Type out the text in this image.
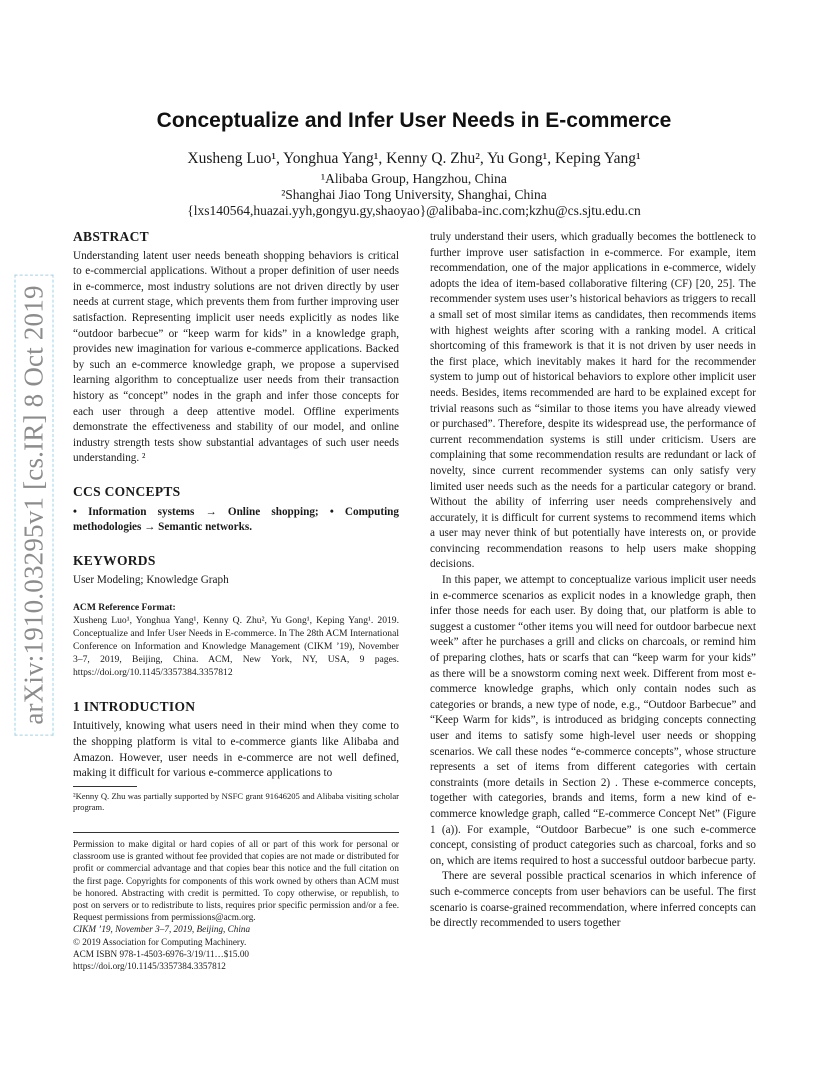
arXiv:1910.03295v1 [cs.IR] 8 Oct 2019
Conceptualize and Infer User Needs in E-commerce
Xusheng Luo¹, Yonghua Yang¹, Kenny Q. Zhu², Yu Gong¹, Keping Yang¹
¹Alibaba Group, Hangzhou, China
²Shanghai Jiao Tong University, Shanghai, China
{lxs140564,huazai.yyh,gongyu.gy,shaoyao}@alibaba-inc.com;kzhu@cs.sjtu.edu.cn
ABSTRACT

Understanding latent user needs beneath shopping behaviors is critical to e-commercial applications. Without a proper definition of user needs in e-commerce, most industry solutions are not driven directly by user needs at current stage, which prevents them from further improving user satisfaction. Representing implicit user needs explicitly as nodes like “outdoor barbecue” or “keep warm for kids” in a knowledge graph, provides new imagination for various e-commerce applications. Backed by such an e-commerce knowledge graph, we propose a supervised learning algorithm to conceptualize user needs from their transaction history as “concept” nodes in the graph and infer those concepts for each user through a deep attentive model. Offline experiments demonstrate the effectiveness and stability of our model, and online industry strength tests show substantial advantages of such user needs understanding. ²

CCS CONCEPTS

• Information systems → Online shopping; • Computing methodologies → Semantic networks.

KEYWORDS

User Modeling; Knowledge Graph

ACM Reference Format:

Xusheng Luo¹, Yonghua Yang¹, Kenny Q. Zhu², Yu Gong¹, Keping Yang¹. 2019. Conceptualize and Infer User Needs in E-commerce. In The 28th ACM International Conference on Information and Knowledge Management (CIKM ’19), November 3–7, 2019, Beijing, China. ACM, New York, NY, USA, 9 pages. https://doi.org/10.1145/3357384.3357812

1 INTRODUCTION

Intuitively, knowing what users need in their mind when they come to the shopping platform is vital to e-commerce giants like Alibaba and Amazon. However, user needs in e-commerce are not well defined, making it difficult for various e-commerce applications to

²Kenny Q. Zhu was partially supported by NSFC grant 91646205 and Alibaba visiting scholar program.

Permission to make digital or hard copies of all or part of this work for personal or classroom use is granted without fee provided that copies are not made or distributed for profit or commercial advantage and that copies bear this notice and the full citation on the first page. Copyrights for components of this work owned by others than ACM must be honored. Abstracting with credit is permitted. To copy otherwise, or republish, to post on servers or to redistribute to lists, requires prior specific permission and/or a fee. Request permissions from permissions@acm.org.

CIKM ’19, November 3–7, 2019, Beijing, China

© 2019 Association for Computing Machinery.

ACM ISBN 978-1-4503-6976-3/19/11…$15.00

https://doi.org/10.1145/3357384.3357812

truly understand their users, which gradually becomes the bottleneck to further improve user satisfaction in e-commerce. For example, item recommendation, one of the major applications in e-commerce, widely adopts the idea of item-based collaborative filtering (CF) [20, 25]. The recommender system uses user’s historical behaviors as triggers to recall a small set of most similar items as candidates, then recommends items with highest weights after scoring with a ranking model. A critical shortcoming of this framework is that it is not driven by user needs in the first place, which inevitably makes it hard for the recommender system to jump out of historical behaviors to explore other implicit user needs. Besides, items recommended are hard to be explained except for trivial reasons such as “similar to those items you have already viewed or purchased”. Therefore, despite its widespread use, the performance of current recommendation systems is still under criticism. Users are complaining that some recommendation results are redundant or lack of novelty, since current recommender systems can only satisfy very limited user needs such as the needs for a particular category or brand. Without the ability of inferring user needs comprehensively and accurately, it is difficult for current systems to recommend items which a user may never think of but potentially have interests on, or provide convincing recommendation reasons to help users make shopping decisions.

In this paper, we attempt to conceptualize various implicit user needs in e-commerce scenarios as explicit nodes in a knowledge graph, then infer those needs for each user. By doing that, our platform is able to suggest a customer “other items you will need for outdoor barbecue next week” after he purchases a grill and clicks on charcoals, or remind him of preparing clothes, hats or scarfs that can “keep warm for your kids” as there will be a snowstorm coming next week. Different from most e-commerce knowledge graphs, which only contain nodes such as categories or brands, a new type of node, e.g., “Outdoor Barbecue” and “Keep Warm for kids”, is introduced as bridging concepts connecting user and items to satisfy some high-level user needs or shopping scenarios. We call these nodes “e-commerce concepts”, whose structure represents a set of items from different categories with certain constraints (more details in Section 2) . These e-commerce concepts, together with categories, brands and items, form a new kind of e-commerce knowledge graph, called “E-commerce Concept Net” (Figure 1 (a)). For example, “Outdoor Barbecue” is one such e-commerce concept, consisting of product categories such as charcoal, forks and so on, which are items required to host a successful outdoor barbecue party.

There are several possible practical scenarios in which inference of such e-commerce concepts from user behaviors can be useful. The first scenario is coarse-grained recommendation, where inferred concepts can be directly recommended to users together
